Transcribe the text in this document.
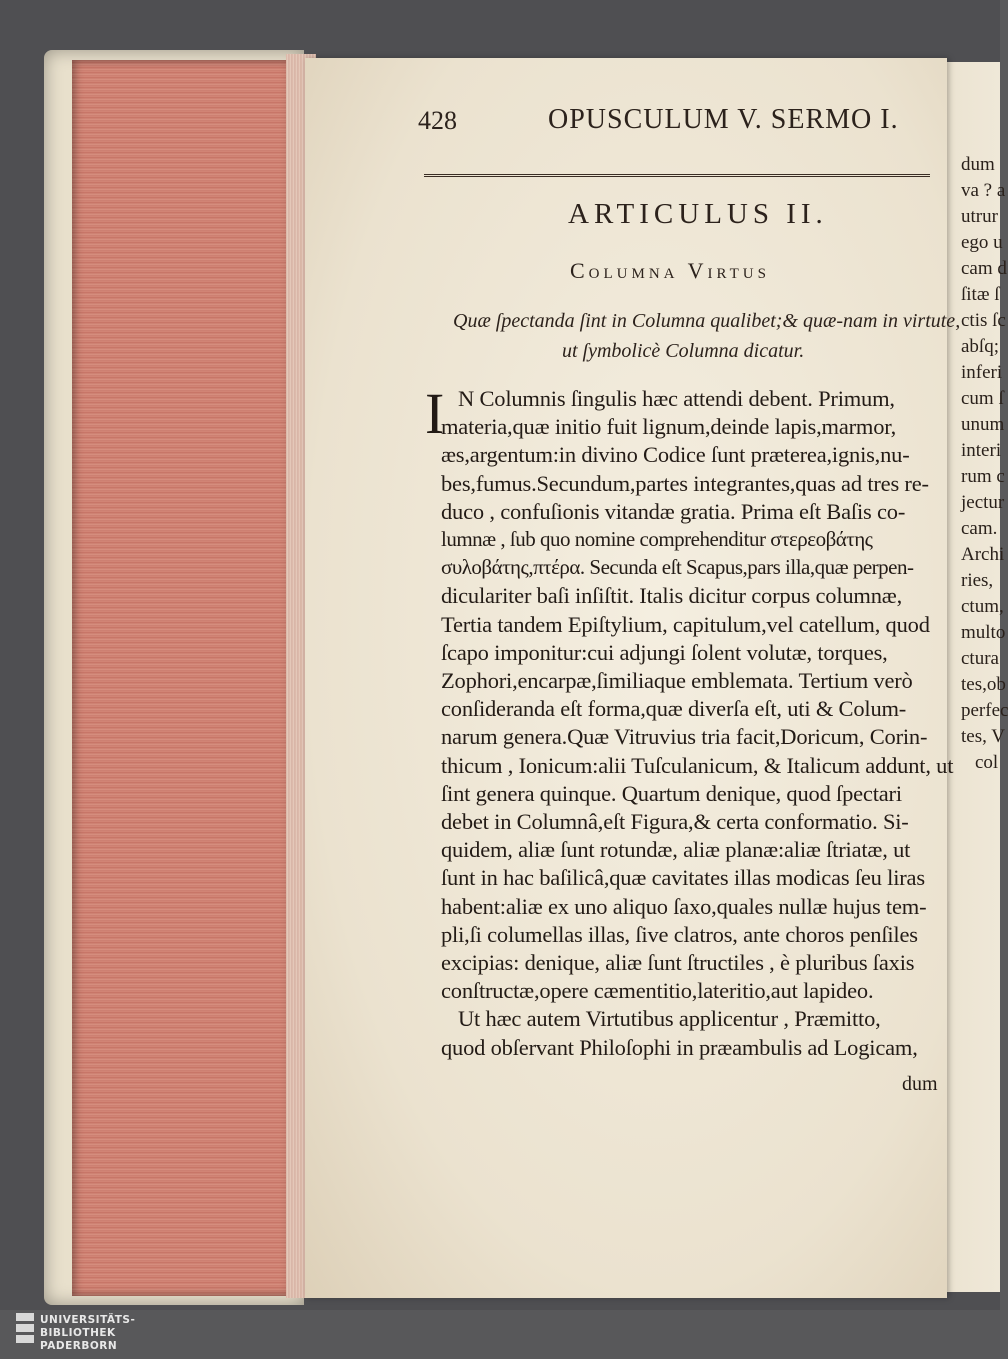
dum
va ? a
utrur
ego u
cam d
ſitæ ſ
ctis ſc
abſq;
inferi
cum ſ
unum
interi
rum c
jectur
cam.
Archi
ries,
ctum,
multo
ctura
tes,ob
perfec
tes, V
col
428	OPUSCULUM V. SERMO I.
ARTICULUS II.
Columna Virtus
Quæ ſpectanda ſint in Columna qualibet;& quæ-nam in virtute,
ut ſymbolicè Columna dicatur.
I
dum
N Columnis ſingulis hæc attendi debent. Primum,
materia,quæ initio fuit lignum,deinde lapis,marmor,
æs,argentum:in divino Codice ſunt præterea,ignis,nu-
bes,fumus.Secundum,partes integrantes,quas ad tres re-
duco , confuſionis vitandæ gratia. Prima eſt Baſis co-
lumnæ , ſub quo nomine comprehenditur στερεοβάτης
συλοβάτης,πτέρα. Secunda eſt Scapus,pars illa,quæ perpen-
diculariter baſi inſiſtit. Italis dicitur corpus columnæ,
Tertia tandem Epiſtylium, capitulum,vel catellum, quod
ſcapo imponitur:cui adjungi ſolent volutæ, torques,
Zophori,encarpæ,ſimiliaque emblemata. Tertium verò
conſideranda eſt forma,quæ diverſa eſt, uti & Colum-
narum genera.Quæ Vitruvius tria facit,Doricum, Corin-
thicum , Ionicum:alii Tuſculanicum, & Italicum addunt, ut
ſint genera quinque. Quartum denique, quod ſpectari
debet in Columnâ,eſt Figura,& certa conformatio. Si-
quidem, aliæ ſunt rotundæ, aliæ planæ:aliæ ſtriatæ, ut
ſunt in hac baſilicâ,quæ cavitates illas modicas ſeu liras
habent:aliæ ex uno aliquo ſaxo,quales nullæ hujus tem-
pli,ſi columellas illas, ſive clatros, ante choros penſiles
excipias: denique, aliæ ſunt ſtructiles , è pluribus ſaxis
conſtructæ,opere cæmentitio,lateritio,aut lapideo.
Ut hæc autem Virtutibus applicentur , Præmitto,
quod obſervant Philoſophi in præambulis ad Logicam,
UNIVERSITÄTS-
BIBLIOTHEK
PADERBORN
